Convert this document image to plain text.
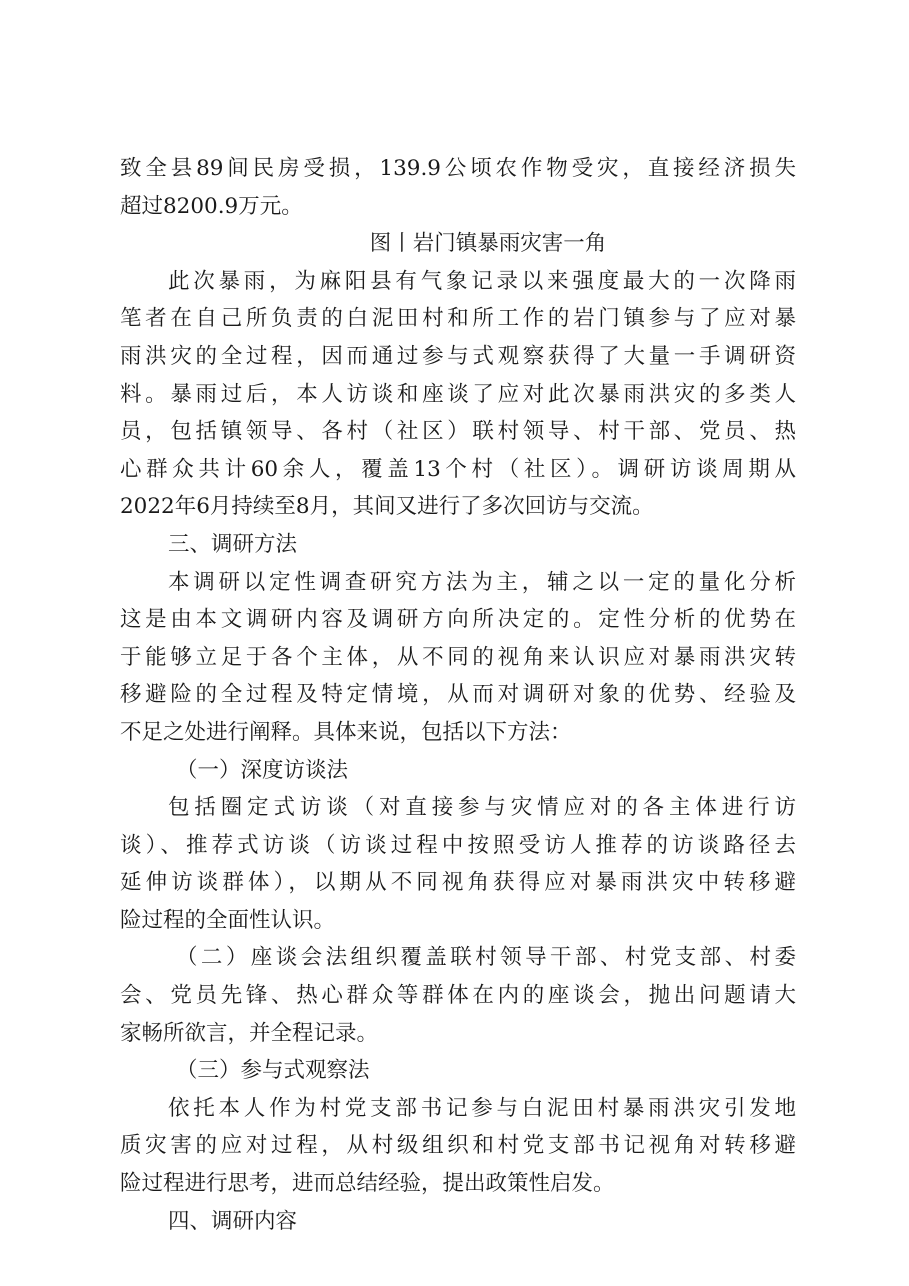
致全县89间民房受损，139.9公顷农作物受灾，直接经济损失
超过8200.9万元。
图丨岩门镇暴雨灾害一角
此次暴雨，为麻阳县有气象记录以来强度最大的一次降雨
笔者在自己所负责的白泥田村和所工作的岩门镇参与了应对暴
雨洪灾的全过程，因而通过参与式观察获得了大量一手调研资
料。暴雨过后，本人访谈和座谈了应对此次暴雨洪灾的多类人
员，包括镇领导、各村（社区）联村领导、村干部、党员、热
心群众共计60余人，覆盖13个村（社区）。调研访谈周期从
2022年6月持续至8月，其间又进行了多次回访与交流。
三、调研方法
本调研以定性调查研究方法为主，辅之以一定的量化分析
这是由本文调研内容及调研方向所决定的。定性分析的优势在
于能够立足于各个主体，从不同的视角来认识应对暴雨洪灾转
移避险的全过程及特定情境，从而对调研对象的优势、经验及
不足之处进行阐释。具体来说，包括以下方法：
（一）深度访谈法
包括圈定式访谈（对直接参与灾情应对的各主体进行访
谈）、推荐式访谈（访谈过程中按照受访人推荐的访谈路径去
延伸访谈群体），以期从不同视角获得应对暴雨洪灾中转移避
险过程的全面性认识。
（二）座谈会法组织覆盖联村领导干部、村党支部、村委
会、党员先锋、热心群众等群体在内的座谈会，抛出问题请大
家畅所欲言，并全程记录。
（三）参与式观察法
依托本人作为村党支部书记参与白泥田村暴雨洪灾引发地
质灾害的应对过程，从村级组织和村党支部书记视角对转移避
险过程进行思考，进而总结经验，提出政策性启发。
四、调研内容
